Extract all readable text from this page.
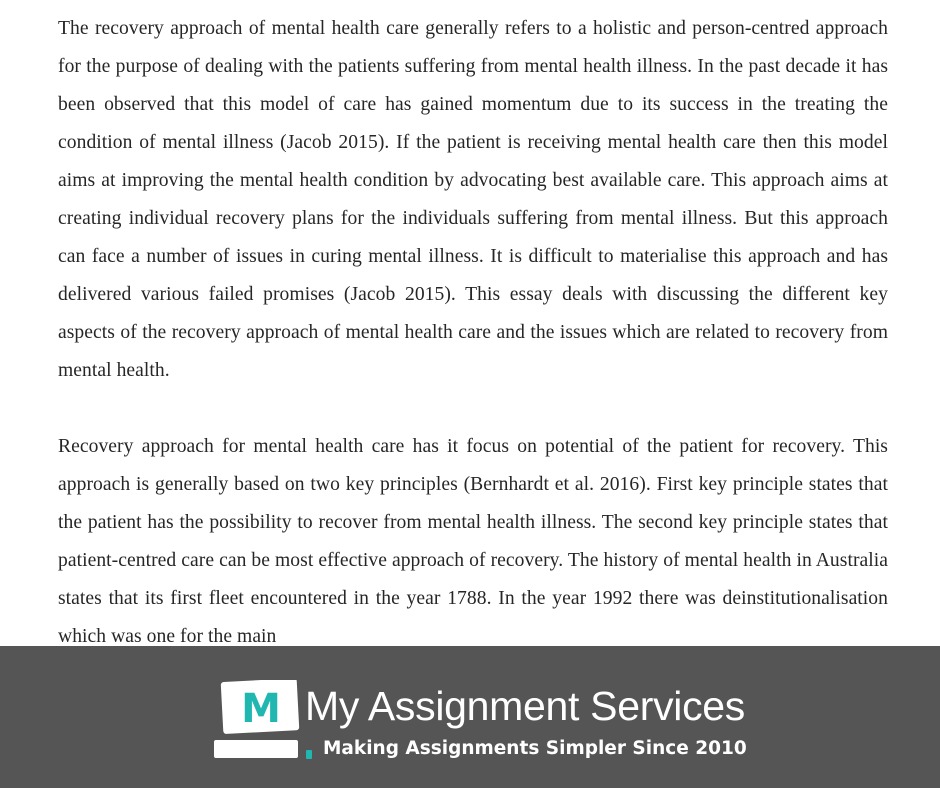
The recovery approach of mental health care generally refers to a holistic and person-centred approach for the purpose of dealing with the patients suffering from mental health illness. In the past decade it has been observed that this model of care has gained momentum due to its success in the treating the condition of mental illness (Jacob 2015). If the patient is receiving mental health care then this model aims at improving the mental health condition by advocating best available care. This approach aims at creating individual recovery plans for the individuals suffering from mental illness. But this approach can face a number of issues in curing mental illness. It is difficult to materialise this approach and has delivered various failed promises (Jacob 2015). This essay deals with discussing the different key aspects of the recovery approach of mental health care and the issues which are related to recovery from mental health.

Recovery approach for mental health care has it focus on potential of the patient for recovery. This approach is generally based on two key principles (Bernhardt et al. 2016). First key principle states that the patient has the possibility to recover from mental health illness. The second key principle states that patient-centred care can be most effective approach of recovery. The history of mental health in Australia states that its first fleet encountered in the year 1788. In the year 1992 there was deinstitutionalisation which was one for the main

M My Assignment Services
Making Assignments Simpler Since 2010
